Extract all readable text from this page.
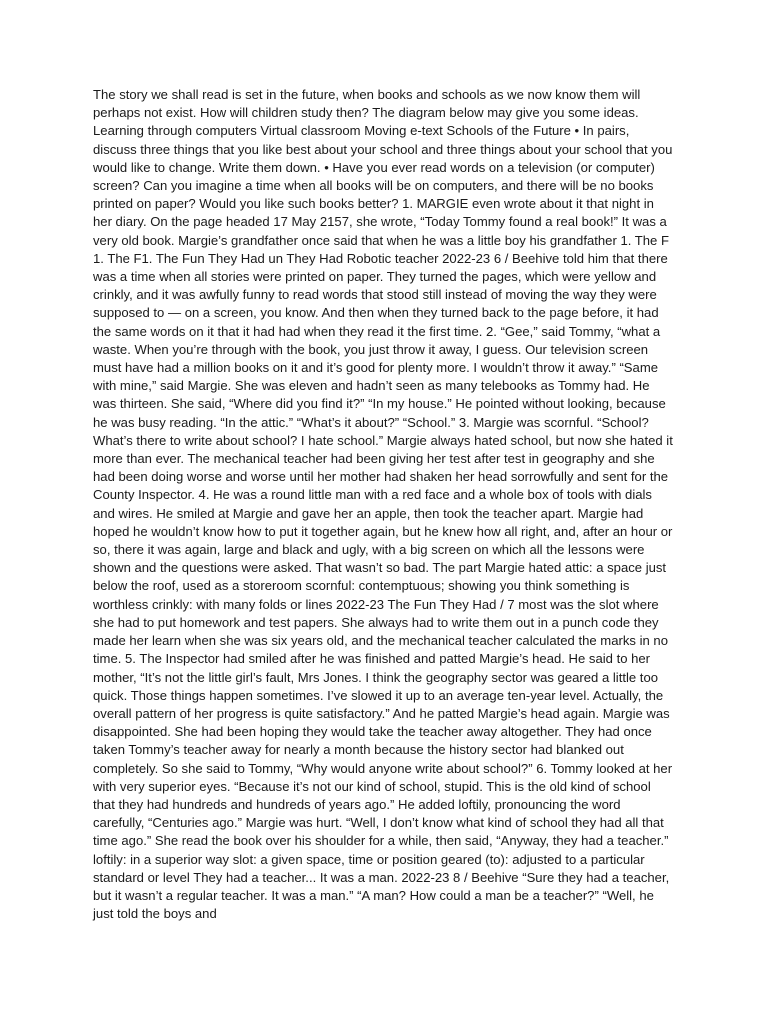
The story we shall read is set in the future, when books and schools as we now know them will perhaps not exist. How will children study then? The diagram below may give you some ideas. Learning through computers Virtual classroom Moving e-text Schools of the Future • In pairs, discuss three things that you like best about your school and three things about your school that you would like to change. Write them down. • Have you ever read words on a television (or computer) screen? Can you imagine a time when all books will be on computers, and there will be no books printed on paper? Would you like such books better? 1. MARGIE even wrote about it that night in her diary. On the page headed 17 May 2157, she wrote, “Today Tommy found a real book!” It was a very old book. Margie’s grandfather once said that when he was a little boy his grandfather 1. The F 1. The F1. The Fun They Had un They Had Robotic teacher 2022-23 6 / Beehive told him that there was a time when all stories were printed on paper. They turned the pages, which were yellow and crinkly, and it was awfully funny to read words that stood still instead of moving the way they were supposed to — on a screen, you know. And then when they turned back to the page before, it had the same words on it that it had had when they read it the first time. 2. “Gee,” said Tommy, “what a waste. When you’re through with the book, you just throw it away, I guess. Our television screen must have had a million books on it and it’s good for plenty more. I wouldn’t throw it away.” “Same with mine,” said Margie. She was eleven and hadn’t seen as many telebooks as Tommy had. He was thirteen. She said, “Where did you find it?” “In my house.” He pointed without looking, because he was busy reading. “In the attic.” “What’s it about?” “School.” 3. Margie was scornful. “School? What’s there to write about school? I hate school.” Margie always hated school, but now she hated it more than ever. The mechanical teacher had been giving her test after test in geography and she had been doing worse and worse until her mother had shaken her head sorrowfully and sent for the County Inspector. 4. He was a round little man with a red face and a whole box of tools with dials and wires. He smiled at Margie and gave her an apple, then took the teacher apart. Margie had hoped he wouldn’t know how to put it together again, but he knew how all right, and, after an hour or so, there it was again, large and black and ugly, with a big screen on which all the lessons were shown and the questions were asked. That wasn’t so bad. The part Margie hated attic: a space just below the roof, used as a storeroom scornful: contemptuous; showing you think something is worthless crinkly: with many folds or lines 2022-23 The Fun They Had / 7 most was the slot where she had to put homework and test papers. She always had to write them out in a punch code they made her learn when she was six years old, and the mechanical teacher calculated the marks in no time. 5. The Inspector had smiled after he was finished and patted Margie’s head. He said to her mother, “It’s not the little girl’s fault, Mrs Jones. I think the geography sector was geared a little too quick. Those things happen sometimes. I’ve slowed it up to an average ten-year level. Actually, the overall pattern of her progress is quite satisfactory.” And he patted Margie’s head again. Margie was disappointed. She had been hoping they would take the teacher away altogether. They had once taken Tommy’s teacher away for nearly a month because the history sector had blanked out completely. So she said to Tommy, “Why would anyone write about school?” 6. Tommy looked at her with very superior eyes. “Because it’s not our kind of school, stupid. This is the old kind of school that they had hundreds and hundreds of years ago.” He added loftily, pronouncing the word carefully, “Centuries ago.” Margie was hurt. “Well, I don’t know what kind of school they had all that time ago.” She read the book over his shoulder for a while, then said, “Anyway, they had a teacher.” loftily: in a superior way slot: a given space, time or position geared (to): adjusted to a particular standard or level They had a teacher... It was a man. 2022-23 8 / Beehive “Sure they had a teacher, but it wasn’t a regular teacher. It was a man.” “A man? How could a man be a teacher?” “Well, he just told the boys and
